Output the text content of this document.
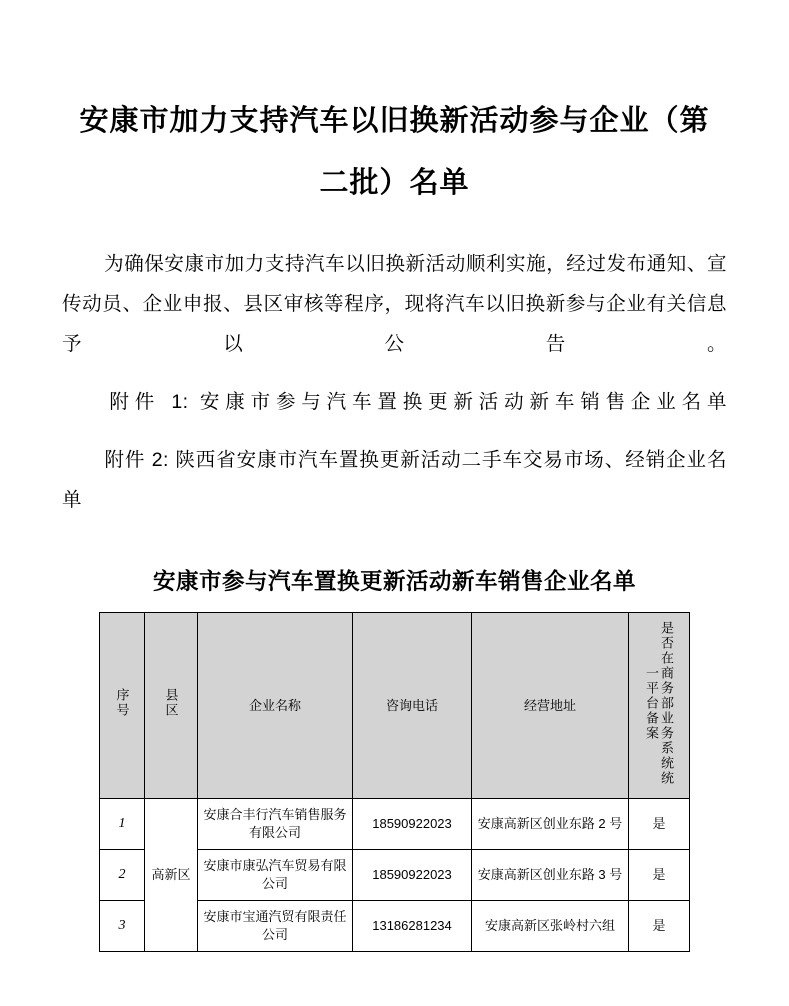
安康市加力支持汽车以旧换新活动参与企业（第二批）名单

为确保安康市加力支持汽车以旧换新活动顺利实施，经过发布通知、宣传动员、企业申报、县区审核等程序，现将汽车以旧换新参与企业有关信息予以公告。

附件 1: 安康市参与汽车置换更新活动新车销售企业名单

附件 2: 陕西省安康市汽车置换更新活动二手车交易市场、经销企业名单

安康市参与汽车置换更新活动新车销售企业名单
序号	县区	企业名称	咨询电话	经营地址	是否在商务部业务系统统一平台备案
1	高新区	安康合丰行汽车销售服务有限公司	18590922023	安康高新区创业东路 2 号	是
2		安康市康弘汽车贸易有限公司	18590922023	安康高新区创业东路 3 号	是
3		安康市宝通汽贸有限责任公司	13186281234	安康高新区张岭村六组	是
